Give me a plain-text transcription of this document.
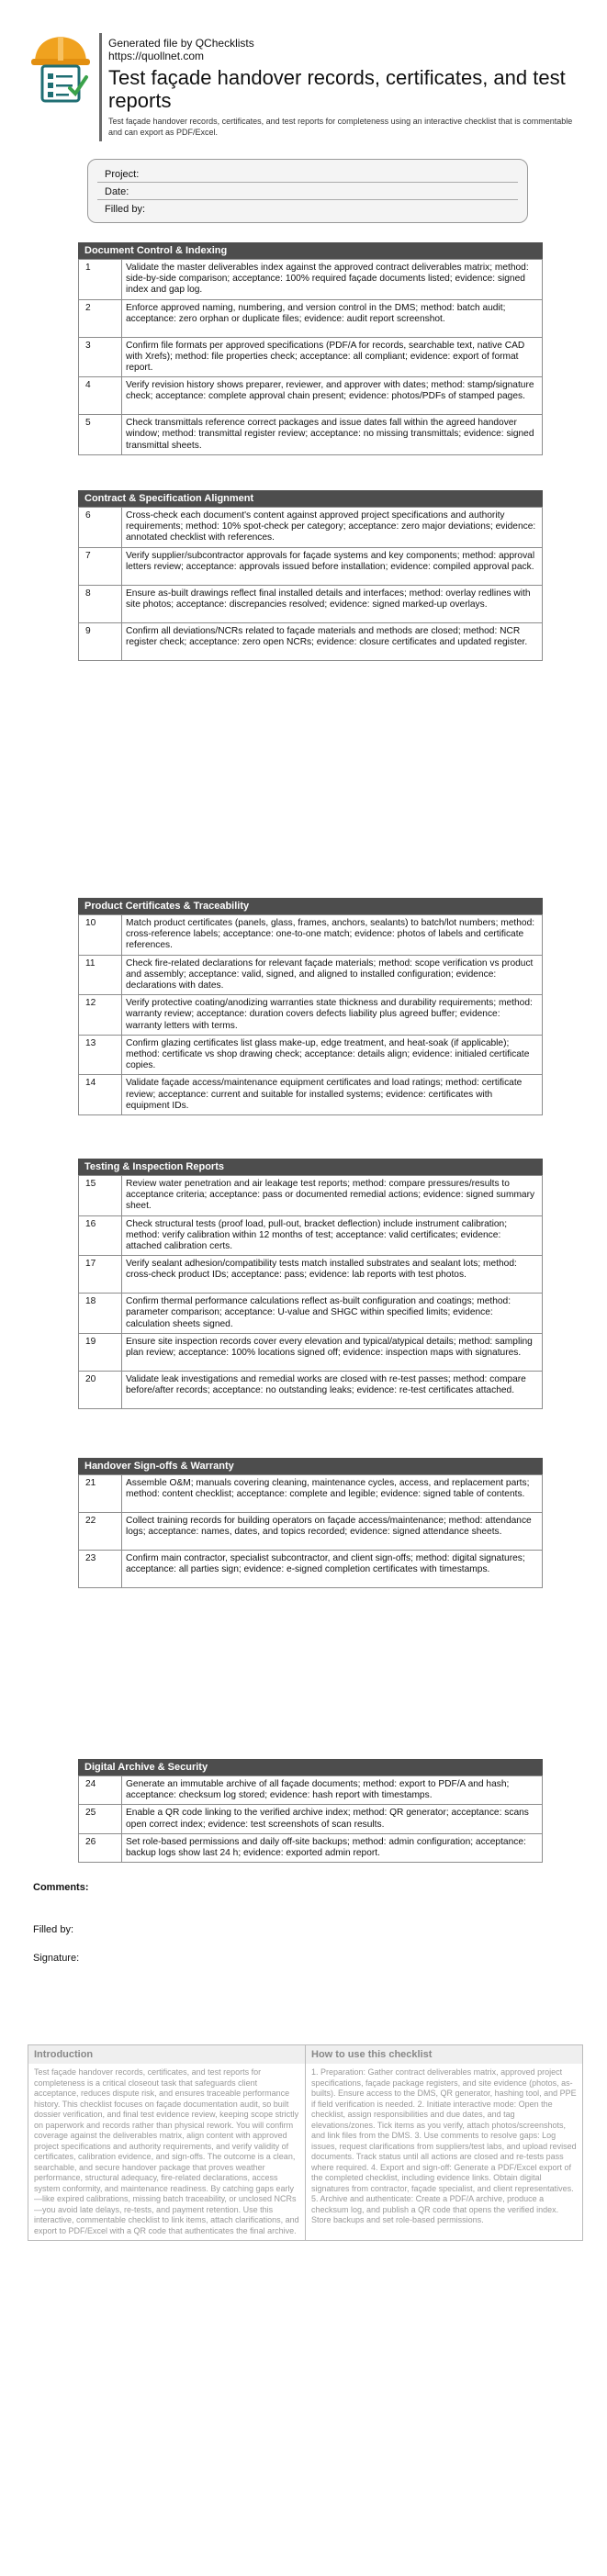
Generated file by QChecklists
https://quollnet.com
Test façade handover records, certificates, and test reports
Test façade handover records, certificates, and test reports for completeness using an interactive checklist that is commentable and can export as PDF/Excel.
Project:
Date:
Filled by:
Document Control & Indexing
1	Validate the master deliverables index against the approved contract deliverables matrix; method: side-by-side comparison; acceptance: 100% required façade documents listed; evidence: signed index and gap log.
2	Enforce approved naming, numbering, and version control in the DMS; method: batch audit; acceptance: zero orphan or duplicate files; evidence: audit report screenshot.
3	Confirm file formats per approved specifications (PDF/A for records, searchable text, native CAD with Xrefs); method: file properties check; acceptance: all compliant; evidence: export of format report.
4	Verify revision history shows preparer, reviewer, and approver with dates; method: stamp/signature check; acceptance: complete approval chain present; evidence: photos/PDFs of stamped pages.
5	Check transmittals reference correct packages and issue dates fall within the agreed handover window; method: transmittal register review; acceptance: no missing transmittals; evidence: signed transmittal sheets.
Contract & Specification Alignment
6	Cross-check each document's content against approved project specifications and authority requirements; method: 10% spot-check per category; acceptance: zero major deviations; evidence: annotated checklist with references.
7	Verify supplier/subcontractor approvals for façade systems and key components; method: approval letters review; acceptance: approvals issued before installation; evidence: compiled approval pack.
8	Ensure as-built drawings reflect final installed details and interfaces; method: overlay redlines with site photos; acceptance: discrepancies resolved; evidence: signed marked-up overlays.
9	Confirm all deviations/NCRs related to façade materials and methods are closed; method: NCR register check; acceptance: zero open NCRs; evidence: closure certificates and updated register.
Product Certificates & Traceability
10	Match product certificates (panels, glass, frames, anchors, sealants) to batch/lot numbers; method: cross-reference labels; acceptance: one-to-one match; evidence: photos of labels and certificate references.
11	Check fire-related declarations for relevant façade materials; method: scope verification vs product and assembly; acceptance: valid, signed, and aligned to installed configuration; evidence: declarations with dates.
12	Verify protective coating/anodizing warranties state thickness and durability requirements; method: warranty review; acceptance: duration covers defects liability plus agreed buffer; evidence: warranty letters with terms.
13	Confirm glazing certificates list glass make-up, edge treatment, and heat-soak (if applicable); method: certificate vs shop drawing check; acceptance: details align; evidence: initialed certificate copies.
14	Validate façade access/maintenance equipment certificates and load ratings; method: certificate review; acceptance: current and suitable for installed systems; evidence: certificates with equipment IDs.
Testing & Inspection Reports
15	Review water penetration and air leakage test reports; method: compare pressures/results to acceptance criteria; acceptance: pass or documented remedial actions; evidence: signed summary sheet.
16	Check structural tests (proof load, pull-out, bracket deflection) include instrument calibration; method: verify calibration within 12 months of test; acceptance: valid certificates; evidence: attached calibration certs.
17	Verify sealant adhesion/compatibility tests match installed substrates and sealant lots; method: cross-check product IDs; acceptance: pass; evidence: lab reports with test photos.
18	Confirm thermal performance calculations reflect as-built configuration and coatings; method: parameter comparison; acceptance: U-value and SHGC within specified limits; evidence: calculation sheets signed.
19	Ensure site inspection records cover every elevation and typical/atypical details; method: sampling plan review; acceptance: 100% locations signed off; evidence: inspection maps with signatures.
20	Validate leak investigations and remedial works are closed with re-test passes; method: compare before/after records; acceptance: no outstanding leaks; evidence: re-test certificates attached.
Handover Sign-offs & Warranty
21	Assemble O&M; manuals covering cleaning, maintenance cycles, access, and replacement parts; method: content checklist; acceptance: complete and legible; evidence: signed table of contents.
22	Collect training records for building operators on façade access/maintenance; method: attendance logs; acceptance: names, dates, and topics recorded; evidence: signed attendance sheets.
23	Confirm main contractor, specialist subcontractor, and client sign-offs; method: digital signatures; acceptance: all parties sign; evidence: e-signed completion certificates with timestamps.
Digital Archive & Security
24	Generate an immutable archive of all façade documents; method: export to PDF/A and hash; acceptance: checksum log stored; evidence: hash report with timestamps.
25	Enable a QR code linking to the verified archive index; method: QR generator; acceptance: scans open correct index; evidence: test screenshots of scan results.
26	Set role-based permissions and daily off-site backups; method: admin configuration; acceptance: backup logs show last 24 h; evidence: exported admin report.
Comments:
Filled by:
Signature:
Introduction	How to use this checklist
Test façade handover records, certificates, and test reports for completeness is a critical closeout task that safeguards client acceptance, reduces dispute risk, and ensures traceable performance history. This checklist focuses on façade documentation audit, so built dossier verification, and final test evidence review, keeping scope strictly on paperwork and records rather than physical rework. You will confirm coverage against the deliverables matrix, align content with approved project specifications and authority requirements, and verify validity of certificates, calibration evidence, and sign-offs. The outcome is a clean, searchable, and secure handover package that proves weather performance, structural adequacy, fire-related declarations, access system conformity, and maintenance readiness. By catching gaps early—like expired calibrations, missing batch traceability, or unclosed NCRs—you avoid late delays, re-tests, and payment retention. Use this interactive, commentable checklist to link items, attach clarifications, and export to PDF/Excel with a QR code that authenticates the final archive.
1. Preparation: Gather contract deliverables matrix, approved project specifications, façade package registers, and site evidence (photos, as-builts). Ensure access to the DMS, QR generator, hashing tool, and PPE if field verification is needed. 2. Initiate interactive mode: Open the checklist, assign responsibilities and due dates, and tag elevations/zones. Tick items as you verify, attach photos/screenshots, and link files from the DMS. 3. Use comments to resolve gaps: Log issues, request clarifications from suppliers/test labs, and upload revised documents. Track status until all actions are closed and re-tests pass where required. 4. Export and sign-off: Generate a PDF/Excel export of the completed checklist, including evidence links. Obtain digital signatures from contractor, façade specialist, and client representatives. 5. Archive and authenticate: Create a PDF/A archive, produce a checksum log, and publish a QR code that opens the verified index. Store backups and set role-based permissions.
